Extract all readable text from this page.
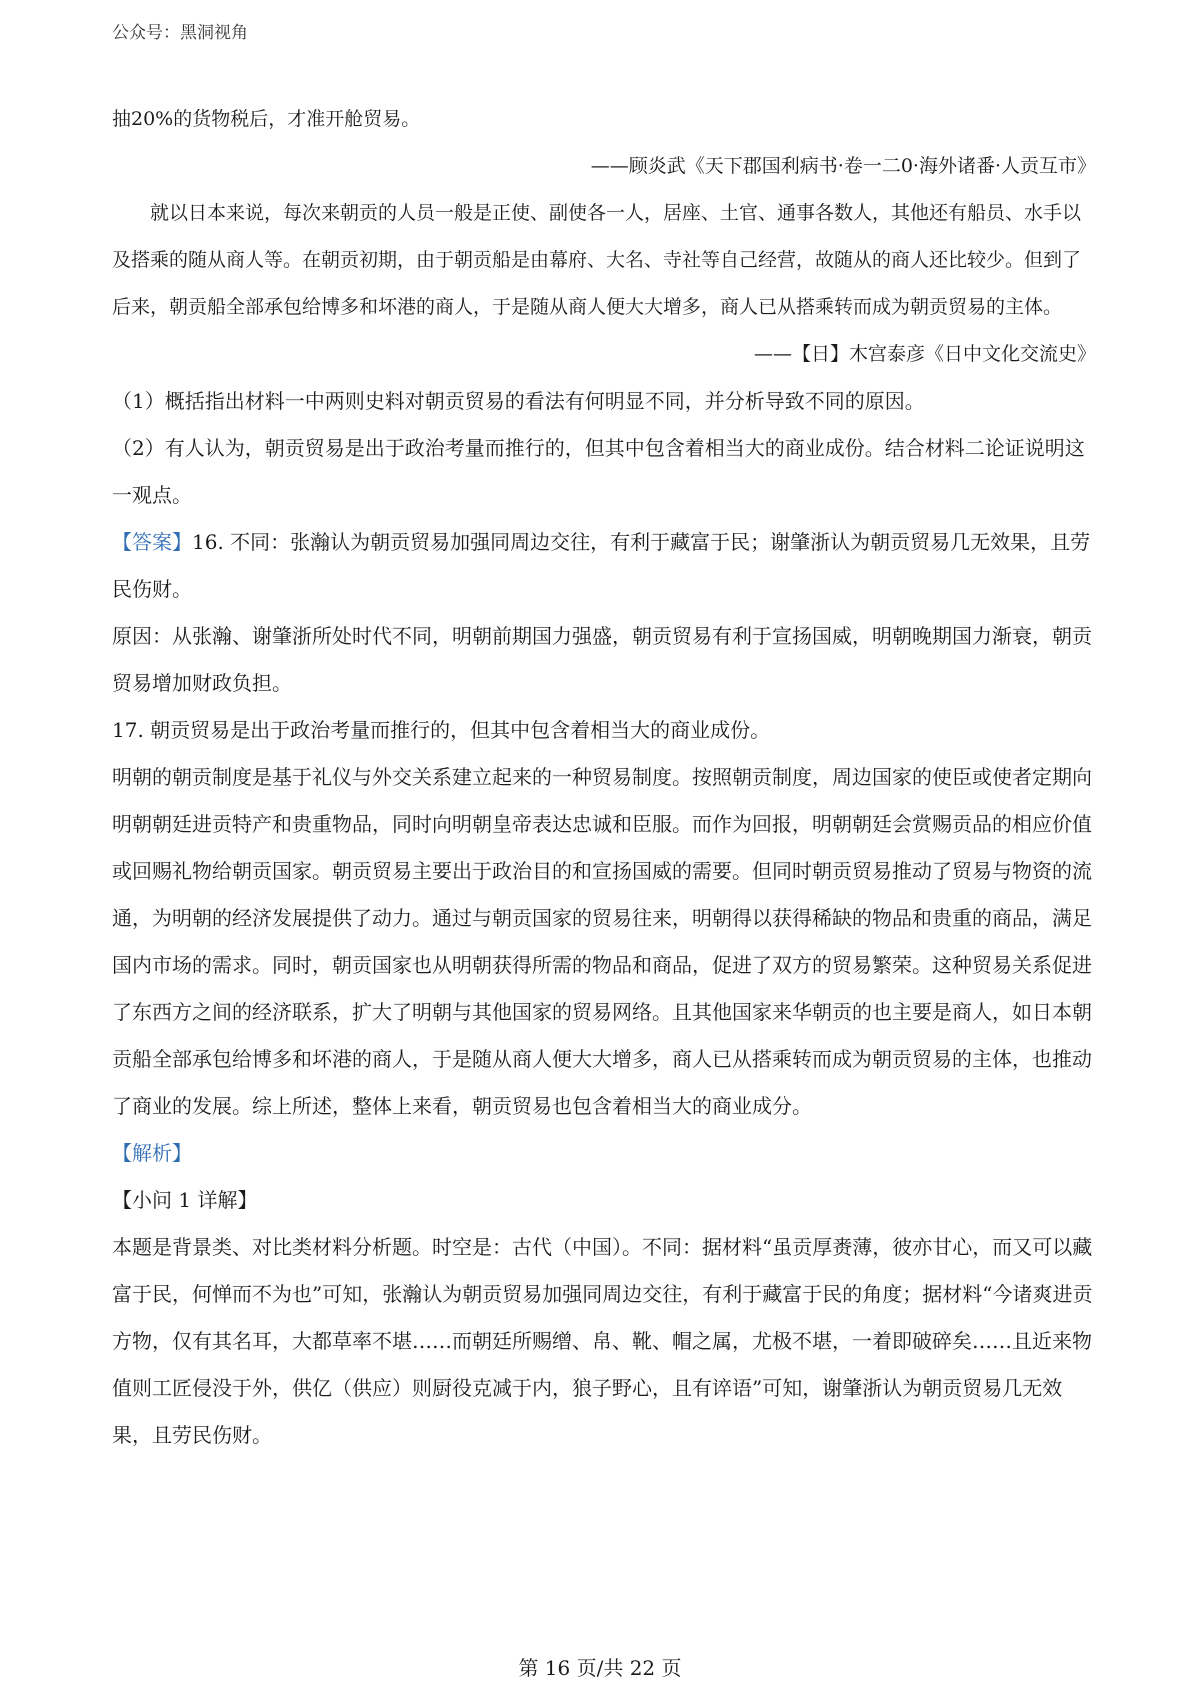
公众号：黑洞视角

抽20%的货物税后，才准开舱贸易。

——顾炎武《天下郡国利病书·卷一二0·海外诸番·人贡互市》

就以日本来说，每次来朝贡的人员一般是正使、副使各一人，居座、土官、通事各数人，其他还有船员、水手以及搭乘的随从商人等。在朝贡初期，由于朝贡船是由幕府、大名、寺社等自己经营，故随从的商人还比较少。但到了后来，朝贡船全部承包给博多和坏港的商人，于是随从商人便大大增多，商人已从搭乘转而成为朝贡贸易的主体。

——【日】木宫泰彦《日中文化交流史》

（1）概括指出材料一中两则史料对朝贡贸易的看法有何明显不同，并分析导致不同的原因。

（2）有人认为，朝贡贸易是出于政治考量而推行的，但其中包含着相当大的商业成份。结合材料二论证说明这一观点。

【答案】16. 不同：张瀚认为朝贡贸易加强同周边交往，有利于藏富于民；谢肇浙认为朝贡贸易几无效果，且劳民伤财。

原因：从张瀚、谢肇浙所处时代不同，明朝前期国力强盛，朝贡贸易有利于宣扬国威，明朝晚期国力渐衰，朝贡贸易增加财政负担。

17. 朝贡贸易是出于政治考量而推行的，但其中包含着相当大的商业成份。

明朝的朝贡制度是基于礼仪与外交关系建立起来的一种贸易制度。按照朝贡制度，周边国家的使臣或使者定期向明朝朝廷进贡特产和贵重物品，同时向明朝皇帝表达忠诚和臣服。而作为回报，明朝朝廷会赏赐贡品的相应价值或回赐礼物给朝贡国家。朝贡贸易主要出于政治目的和宣扬国威的需要。但同时朝贡贸易推动了贸易与物资的流通，为明朝的经济发展提供了动力。通过与朝贡国家的贸易往来，明朝得以获得稀缺的物品和贵重的商品，满足国内市场的需求。同时，朝贡国家也从明朝获得所需的物品和商品，促进了双方的贸易繁荣。这种贸易关系促进了东西方之间的经济联系，扩大了明朝与其他国家的贸易网络。且其他国家来华朝贡的也主要是商人，如日本朝贡船全部承包给博多和坏港的商人，于是随从商人便大大增多，商人已从搭乘转而成为朝贡贸易的主体，也推动了商业的发展。综上所述，整体上来看，朝贡贸易也包含着相当大的商业成分。

【解析】

【小问 1 详解】

本题是背景类、对比类材料分析题。时空是：古代（中国）。不同：据材料“虽贡厚赉薄，彼亦甘心，而又可以藏富于民，何惮而不为也”可知，张瀚认为朝贡贸易加强同周边交往，有利于藏富于民的角度；据材料“今诸爽进贡方物，仅有其名耳，大都草率不堪……而朝廷所赐缯、帛、靴、帽之属，尤极不堪，一着即破碎矣……且近来物值则工匠侵没于外，供亿（供应）则厨役克减于内，狼子野心，且有谇语”可知，谢肇浙认为朝贡贸易几无效果，且劳民伤财。

第 16 页/共 22 页
